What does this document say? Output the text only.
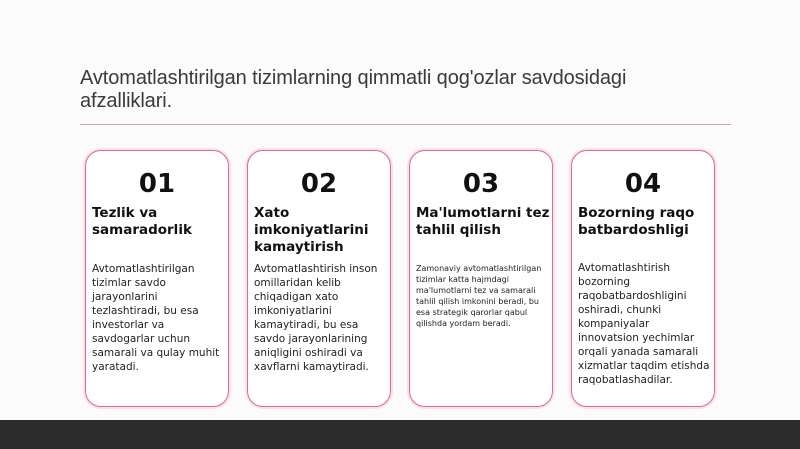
Avtomatlashtirilgan tizimlarning qimmatli qog'ozlar savdosidagi afzalliklari.
01
Tezlik va samaradorlik
Avtomatlashtirilgan tizimlar savdo jarayonlarini tezlashtiradi, bu esa investorlar va savdogarlar uchun samarali va qulay muhit yaratadi.
02
Xato imkoniyatlarini kamaytirish
Avtomatlashtirish inson omillaridan kelib chiqadigan xato imkoniyatlarini kamaytiradi, bu esa savdo jarayonlarining aniqligini oshiradi va xavflarni kamaytiradi.
03
Ma'lumotlarni tez tahlil qilish
Zamonaviy avtomatlashtirilgan tizimlar katta hajmdagi ma'lumotlarni tez va samarali tahlil qilish imkonini beradi, bu esa strategik qarorlar qabul qilishda yordam beradi.
04
Bozorning raqobatbardoshligi
Avtomatlashtirish bozorning raqobatbardoshligini oshiradi, chunki kompaniyalar innovatsion yechimlar orqali yanada samarali xizmatlar taqdim etishda raqobatlashadilar.
